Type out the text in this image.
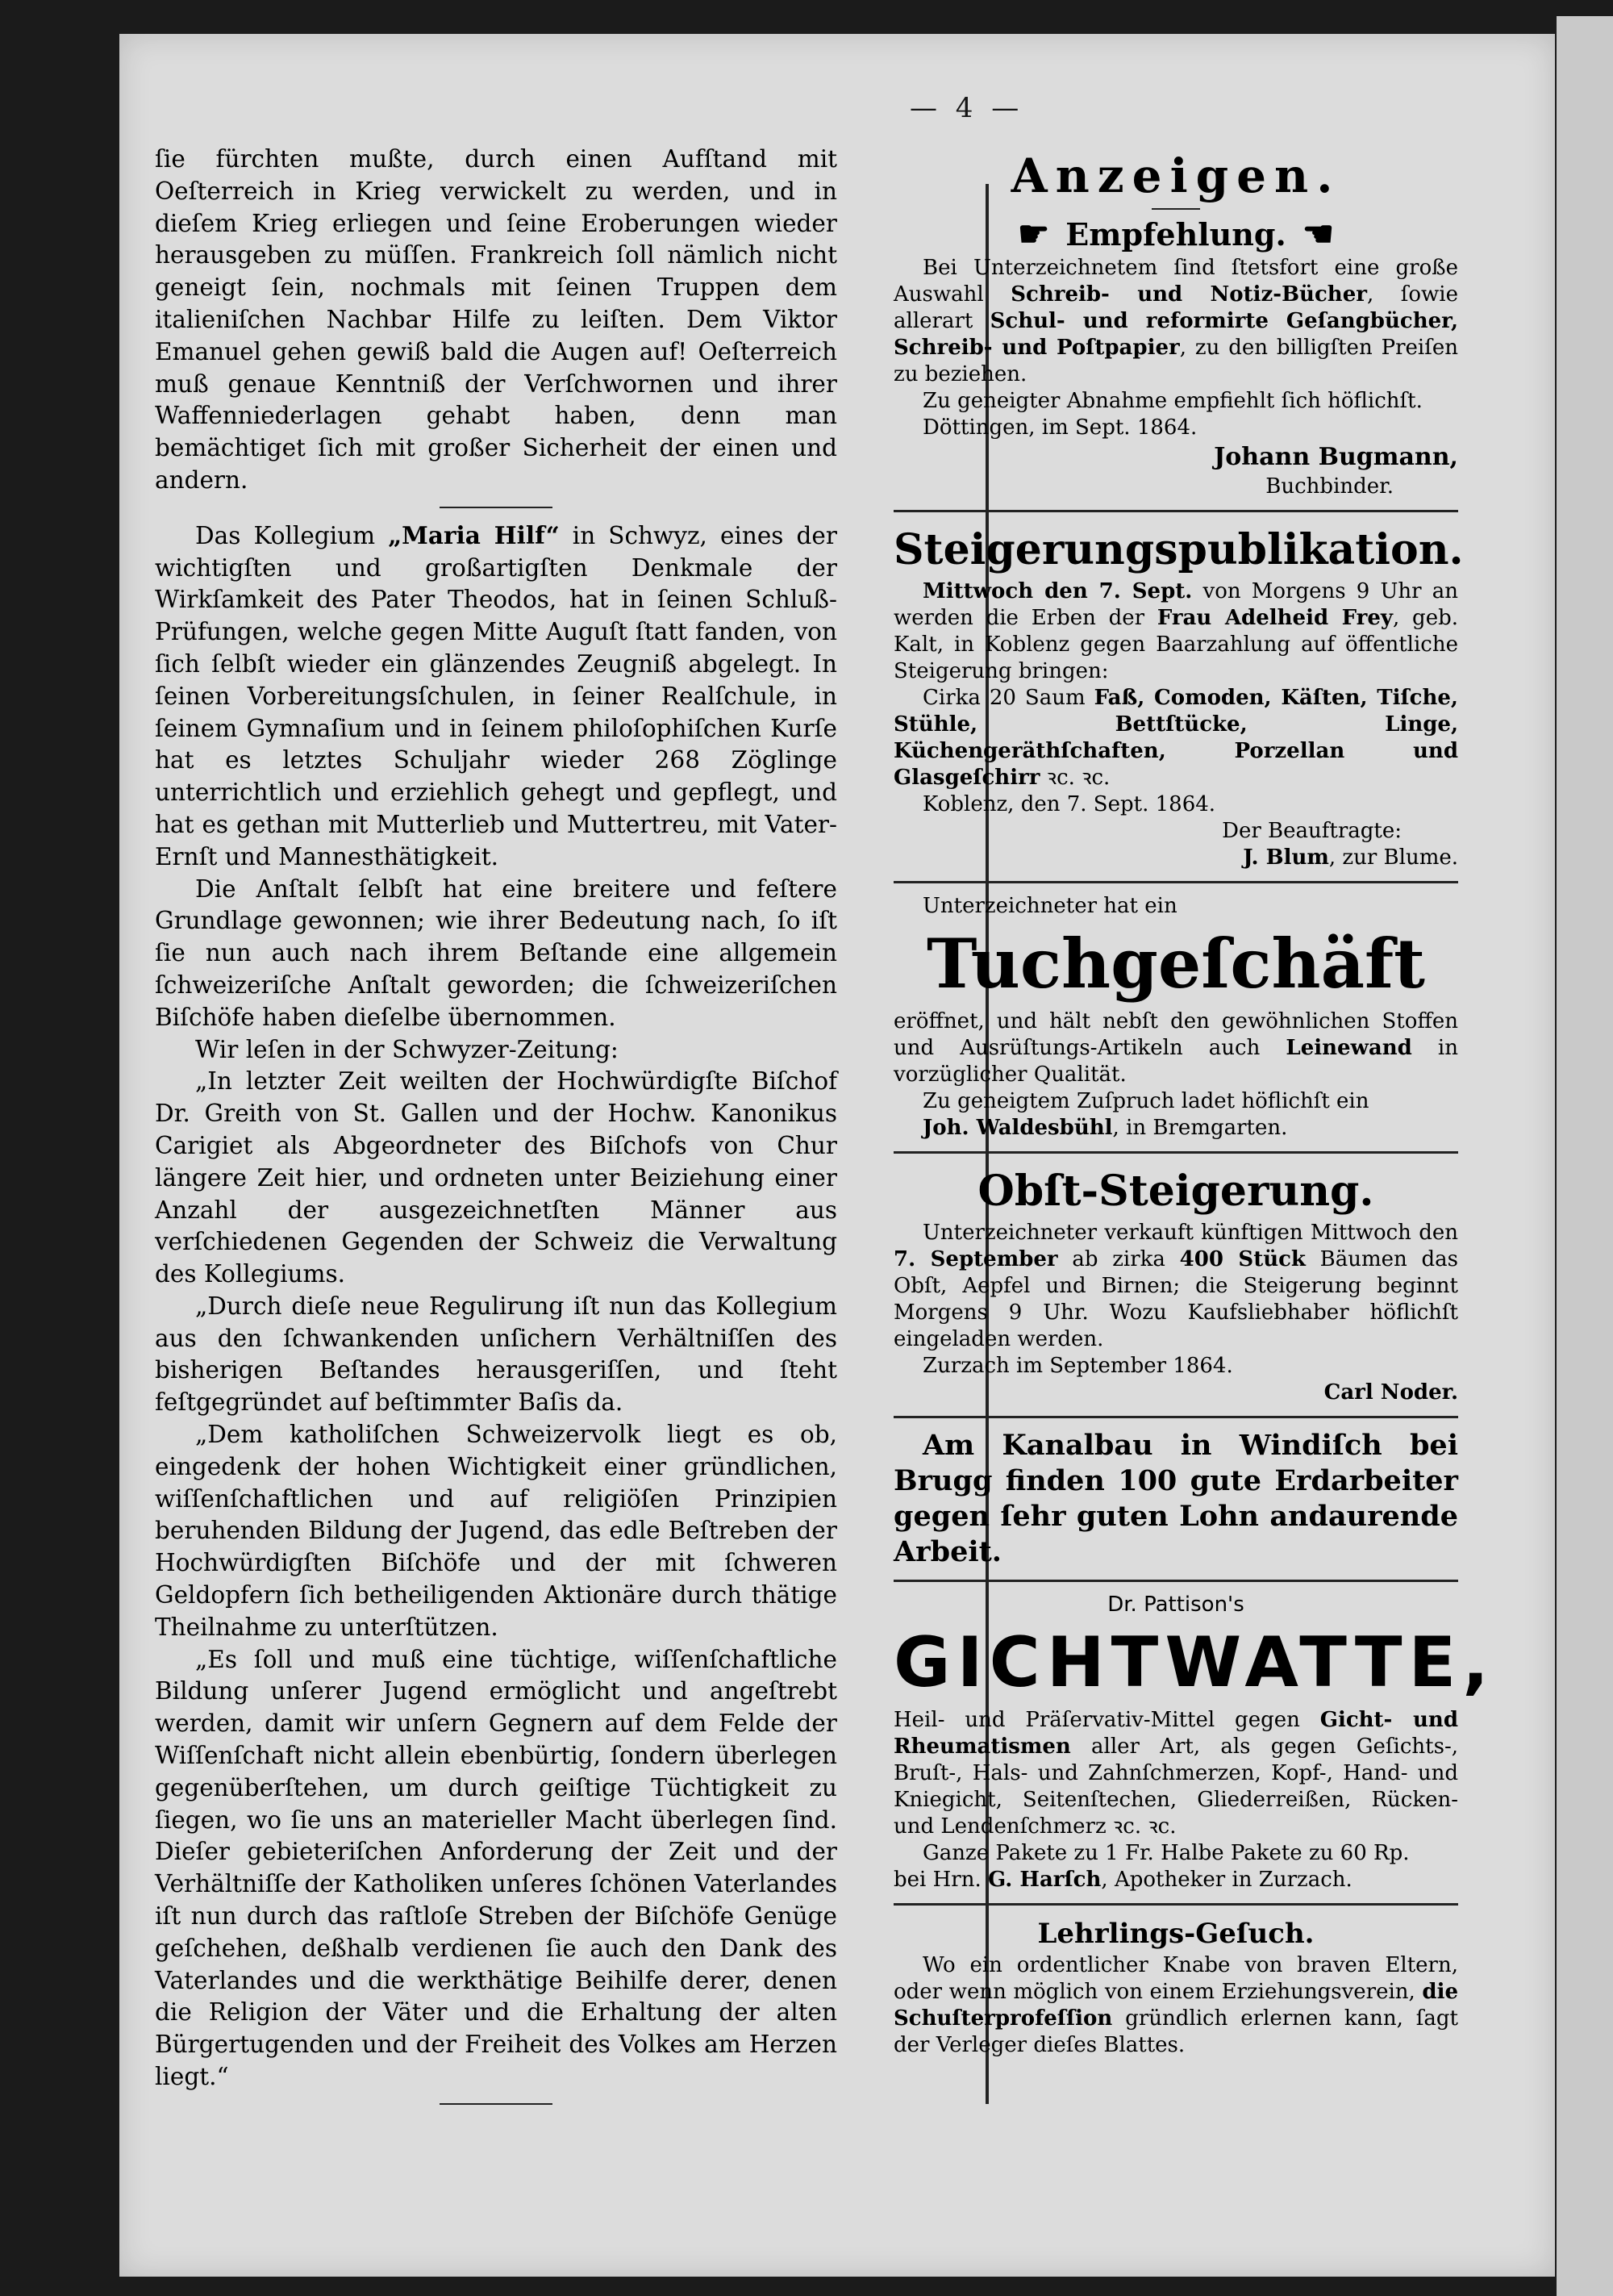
— 4 —

ſie fürchten mußte, durch einen Aufſtand mit Oeſterreich in Krieg verwickelt zu werden, und in dieſem Krieg erliegen und ſeine Eroberungen wieder herausgeben zu müſſen. Frankreich ſoll nämlich nicht geneigt ſein, nochmals mit ſeinen Truppen dem italieniſchen Nachbar Hilfe zu leiſten. Dem Viktor Emanuel gehen gewiß bald die Augen auf! Oeſterreich muß genaue Kenntniß der Verſchwornen und ihrer Waffenniederlagen gehabt haben, denn man bemächtiget ſich mit großer Sicherheit der einen und andern.

Das Kollegium „Maria Hilf“ in Schwyz, eines der wichtigſten und großartigſten Denkmale der Wirkſamkeit des Pater Theodos, hat in ſeinen Schluß-Prüfungen, welche gegen Mitte Auguſt ſtatt fanden, von ſich ſelbſt wieder ein glänzendes Zeugniß abgelegt. In ſeinen Vorbereitungsſchulen, in ſeiner Realſchule, in ſeinem Gymnaſium und in ſeinem philoſophiſchen Kurſe hat es letztes Schuljahr wieder 268 Zöglinge unterrichtlich und erziehlich gehegt und gepflegt, und hat es gethan mit Mutterlieb und Muttertreu, mit Vater-Ernſt und Mannesthätigkeit.

Die Anſtalt ſelbſt hat eine breitere und feſtere Grundlage gewonnen; wie ihrer Bedeutung nach, ſo iſt ſie nun auch nach ihrem Beſtande eine allgemein ſchweizeriſche Anſtalt geworden; die ſchweizeriſchen Biſchöfe haben dieſelbe übernommen.

Wir leſen in der Schwyzer-Zeitung:

„In letzter Zeit weilten der Hochwürdigſte Biſchof Dr. Greith von St. Gallen und der Hochw. Kanonikus Carigiet als Abgeordneter des Biſchofs von Chur längere Zeit hier, und ordneten unter Beiziehung einer Anzahl der ausgezeichnetſten Männer aus verſchiedenen Gegenden der Schweiz die Verwaltung des Kollegiums.

„Durch dieſe neue Regulirung iſt nun das Kollegium aus den ſchwankenden unſichern Verhältniſſen des bisherigen Beſtandes herausgeriſſen, und ſteht feſtgegründet auf beſtimmter Baſis da.

„Dem katholiſchen Schweizervolk liegt es ob, eingedenk der hohen Wichtigkeit einer gründlichen, wiſſenſchaftlichen und auf religiöſen Prinzipien beruhenden Bildung der Jugend, das edle Beſtreben der Hochwürdigſten Biſchöfe und der mit ſchweren Geldopfern ſich betheiligenden Aktionäre durch thätige Theilnahme zu unterſtützen.

„Es ſoll und muß eine tüchtige, wiſſenſchaftliche Bildung unſerer Jugend ermöglicht und angeſtrebt werden, damit wir unſern Gegnern auf dem Felde der Wiſſenſchaft nicht allein ebenbürtig, ſondern überlegen gegenüberſtehen, um durch geiſtige Tüchtigkeit zu ſiegen, wo ſie uns an materieller Macht überlegen ſind. Dieſer gebieteriſchen Anforderung der Zeit und der Verhältniſſe der Katholiken unſeres ſchönen Vaterlandes iſt nun durch das raſtloſe Streben der Biſchöfe Genüge geſchehen, deßhalb verdienen ſie auch den Dank des Vaterlandes und die werkthätige Beihilfe derer, denen die Religion der Väter und die Erhaltung der alten Bürgertugenden und der Freiheit des Volkes am Herzen liegt.“

Anzeigen.
☛ Empfehlung. ☚

Bei Unterzeichnetem ſind ſtetsfort eine große Auswahl Schreib- und Notiz-Bücher, ſowie allerart Schul- und reformirte Geſangbücher, Schreib- und Poſtpapier, zu den billigſten Preiſen zu beziehen.

Zu geneigter Abnahme empfiehlt ſich höflichſt.

Döttingen, im Sept. 1864.

Johann Bugmann,

Buchbinder.

Steigerungspublikation.

Mittwoch den 7. Sept. von Morgens 9 Uhr an werden die Erben der Frau Adelheid Frey, geb. Kalt, in Koblenz gegen Baarzahlung auf öffentliche Steigerung bringen:

Cirka 20 Saum Faß, Comoden, Käſten, Tiſche, Stühle, Bettſtücke, Linge, Küchengeräthſchaften, Porzellan und Glasgeſchirr ꝛc. ꝛc.

Koblenz, den 7. Sept. 1864.

Der Beauftragte:

J. Blum, zur Blume.

Unterzeichneter hat ein

Tuchgeſchäft

eröffnet, und hält nebſt den gewöhnlichen Stoffen und Ausrüſtungs-Artikeln auch Leinewand in vorzüglicher Qualität.

Zu geneigtem Zuſpruch ladet höflichſt ein

Joh. Waldesbühl, in Bremgarten.

Obſt-Steigerung.

Unterzeichneter verkauft künftigen Mittwoch den 7. September ab zirka 400 Stück Bäumen das Obſt, Aepfel und Birnen; die Steigerung beginnt Morgens 9 Uhr. Wozu Kaufsliebhaber höflichſt eingeladen werden.

Zurzach im September 1864.

Carl Noder.

Am Kanalbau in Windiſch bei Brugg finden 100 gute Erdarbeiter gegen ſehr guten Lohn andaurende Arbeit.

Dr. Pattison's

GICHTWATTE,

Heil- und Präſervativ-Mittel gegen Gicht- und Rheumatismen aller Art, als gegen Geſichts-, Bruſt-, Hals- und Zahnſchmerzen, Kopf-, Hand- und Kniegicht, Seitenſtechen, Gliederreißen, Rücken- und Lendenſchmerz ꝛc. ꝛc.

Ganze Pakete zu 1 Fr. Halbe Pakete zu 60 Rp.

bei Hrn. G. Harſch, Apotheker in Zurzach.

Lehrlings-Geſuch.

Wo ein ordentlicher Knabe von braven Eltern, oder wenn möglich von einem Erziehungsverein, die Schuſterprofeſſion gründlich erlernen kann, ſagt der Verleger dieſes Blattes.
